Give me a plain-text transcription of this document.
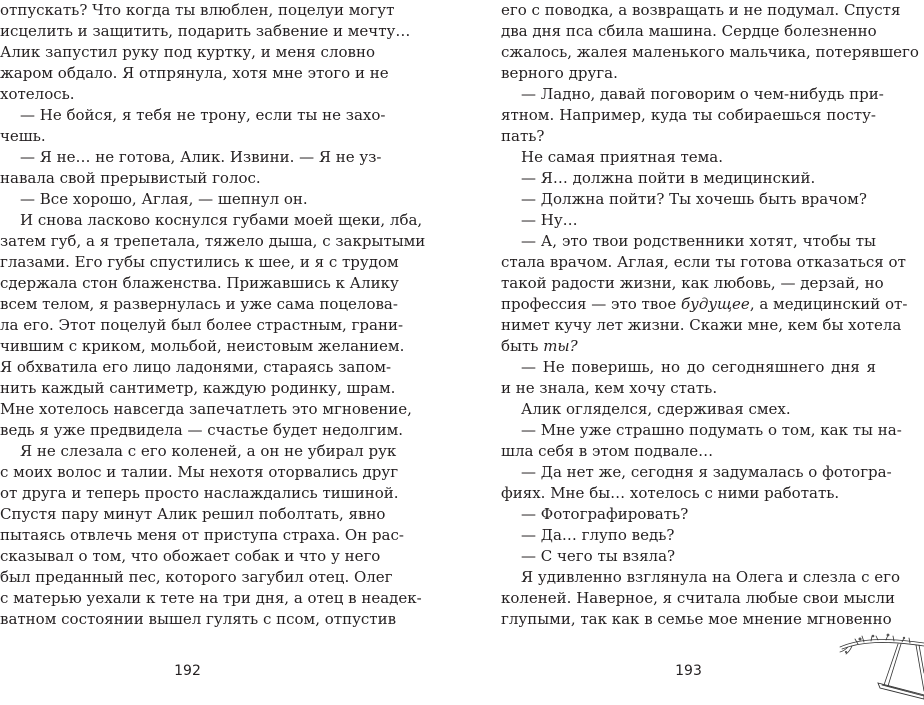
отпускать? Что когда ты влюблен, поцелуи могут
исцелить и защитить, подарить забвение и мечту…
Алик запустил руку под куртку, и меня словно
жаром обдало. Я отпрянула, хотя мне этого и не
хотелось.
— Не бойся, я тебя не трону, если ты не захо-
чешь.
— Я не… не готова, Алик. Извини. — Я не уз-
навала свой прерывистый голос.
— Все хорошо, Аглая, — шепнул он.
И снова ласково коснулся губами моей щеки, лба,
затем губ, а я трепетала, тяжело дыша, с закрытыми
глазами. Его губы спустились к шее, и я с трудом
сдержала стон блаженства. Прижавшись к Алику
всем телом, я развернулась и уже сама поцелова-
ла его. Этот поцелуй был более страстным, грани-
чившим с криком, мольбой, неистовым желанием.
Я обхватила его лицо ладонями, стараясь запом-
нить каждый сантиметр, каждую родинку, шрам.
Мне хотелось навсегда запечатлеть это мгновение,
ведь я уже предвидела — счастье будет недолгим.
Я не слезала с его коленей, а он не убирал рук
с моих волос и талии. Мы нехотя оторвались друг
от друга и теперь просто наслаждались тишиной.
Спустя пару минут Алик решил поболтать, явно
пытаясь отвлечь меня от приступа страха. Он рас-
сказывал о том, что обожает собак и что у него
был преданный пес, которого загубил отец. Олег
с матерью уехали к тете на три дня, а отец в неадек-
ватном состоянии вышел гулять с псом, отпустив
192
его с поводка, а возвращать и не подумал. Спустя
два дня пса сбила машина. Сердце болезненно
сжалось, жалея маленького мальчика, потерявшего
верного друга.
— Ладно, давай поговорим о чем-нибудь при-
ятном. Например, куда ты собираешься посту-
пать?
Не самая приятная тема.
— Я… должна пойти в медицинский.
— Должна пойти? Ты хочешь быть врачом?
— Ну…
— А, это твои родственники хотят, чтобы ты
стала врачом. Аглая, если ты готова отказаться от
такой радости жизни, как любовь, — дерзай, но
профессия — это твое будущее, а медицинский от-
нимет кучу лет жизни. Скажи мне, кем бы хотела
быть ты?
— Не поверишь, но до сегодняшнего дня я
и не знала, кем хочу стать.
Алик огляделся, сдерживая смех.
— Мне уже страшно подумать о том, как ты на-
шла себя в этом подвале…
— Да нет же, сегодня я задумалась о фотогра-
фиях. Мне бы… хотелось с ними работать.
— Фотографировать?
— Да… глупо ведь?
— С чего ты взяла?
Я удивленно взглянула на Олега и слезла с его
коленей. Наверное, я считала любые свои мысли
глупыми, так как в семье мое мнение мгновенно
193
